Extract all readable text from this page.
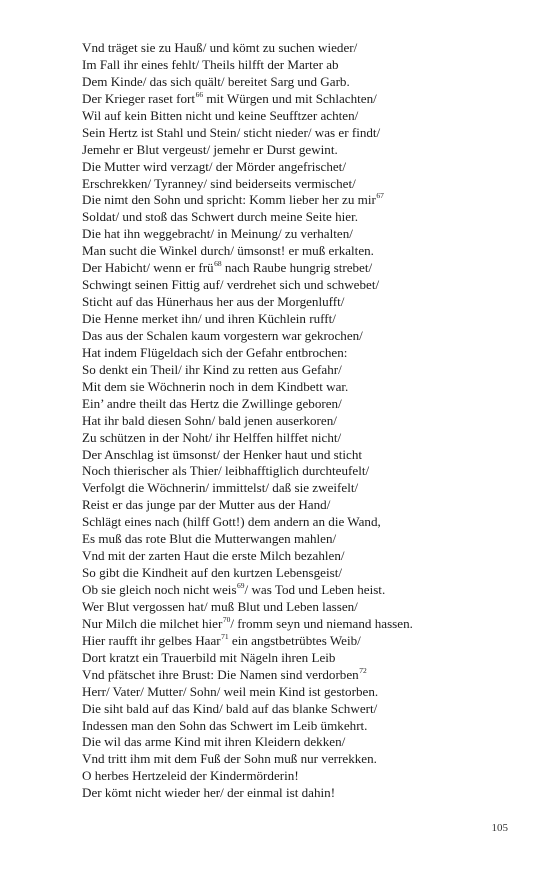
Vnd träget sie zu Hauß/ und kömt zu suchen wieder/
Im Fall ihr eines fehlt/ Theils hilfft der Marter ab
Dem Kinde/ das sich quält/ bereitet Sarg und Garb.
Der Krieger raset fort$^{66}$ mit Würgen und mit Schlachten/
Wil auf kein Bitten nicht und keine Seufftzer achten/
Sein Hertz ist Stahl und Stein/ sticht nieder/ was er findt/
Jemehr er Blut vergeust/ jemehr er Durst gewint.
Die Mutter wird verzagt/ der Mörder angefrischet/
Erschrekken/ Tyranney/ sind beiderseits vermischet/
Die nimt den Sohn und spricht: Komm lieber her zu mir$^{67}$
Soldat/ und stoß das Schwert durch meine Seite hier.
Die hat ihn weggebracht/ in Meinung/ zu verhalten/
Man sucht die Winkel durch/ ümsonst! er muß erkalten.
Der Habicht/ wenn er frü$^{68}$ nach Raube hungrig strebet/
Schwingt seinen Fittig auf/ verdrehet sich und schwebet/
Sticht auf das Hünerhaus her aus der Morgenlufft/
Die Henne merket ihn/ und ihren Küchlein rufft/
Das aus der Schalen kaum vorgestern war gekrochen/
Hat indem Flügeldach sich der Gefahr entbrochen:
So denkt ein Theil/ ihr Kind zu retten aus Gefahr/
Mit dem sie Wöchnerin noch in dem Kindbett war.
Ein’ andre theilt das Hertz die Zwillinge geboren/
Hat ihr bald diesen Sohn/ bald jenen auserkoren/
Zu schützen in der Noht/ ihr Helffen hilffet nicht/
Der Anschlag ist ümsonst/ der Henker haut und sticht
Noch thierischer als Thier/ leibhafftiglich durchteufelt/
Verfolgt die Wöchnerin/ immittelst/ daß sie zweifelt/
Reist er das junge par der Mutter aus der Hand/
Schlägt eines nach (hilff Gott!) dem andern an die Wand,
Es muß das rote Blut die Mutterwangen mahlen/
Vnd mit der zarten Haut die erste Milch bezahlen/
So gibt die Kindheit auf den kurtzen Lebensgeist/
Ob sie gleich noch nicht weis$^{69}$/ was Tod und Leben heist.
Wer Blut vergossen hat/ muß Blut und Leben lassen/
Nur Milch die milchet hier$^{70}$/ fromm seyn und niemand hassen.
Hier raufft ihr gelbes Haar$^{71}$ ein angstbetrübtes Weib/
Dort kratzt ein Trauerbild mit Nägeln ihren Leib
Vnd pfätschet ihre Brust: Die Namen sind verdorben$^{72}$
Herr/ Vater/ Mutter/ Sohn/ weil mein Kind ist gestorben.
Die siht bald auf das Kind/ bald auf das blanke Schwert/
Indessen man den Sohn das Schwert im Leib ümkehrt.
Die wil das arme Kind mit ihren Kleidern dekken/
Vnd tritt ihm mit dem Fuß der Sohn muß nur verrekken.
O herbes Hertzeleid der Kindermörderin!
Der kömt nicht wieder her/ der einmal ist dahin!
105
